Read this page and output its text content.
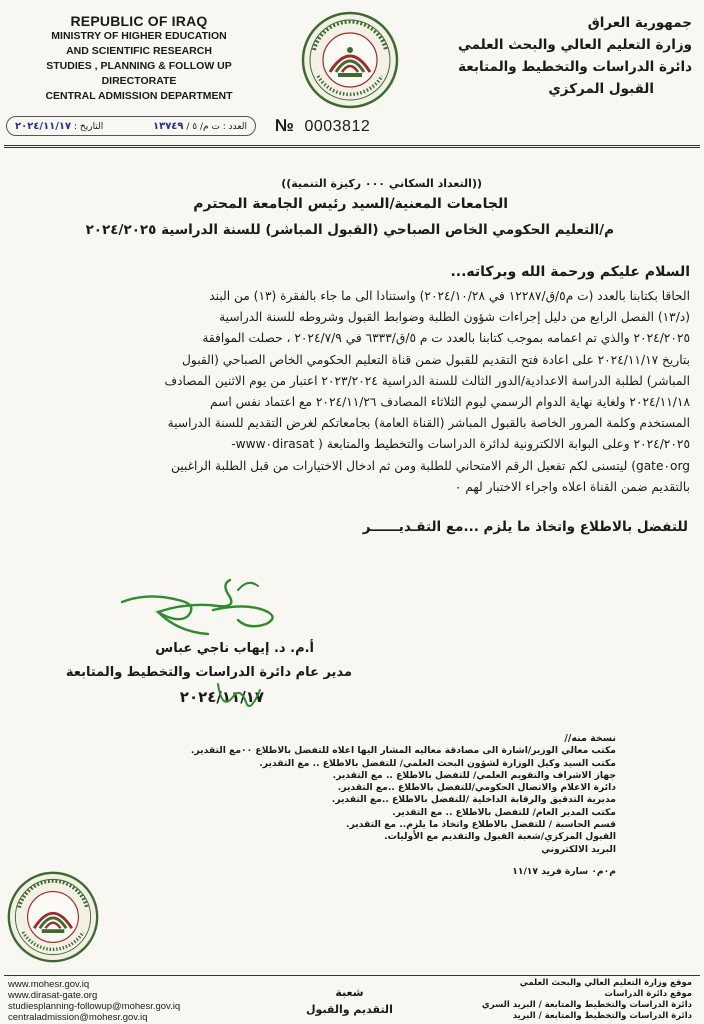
REPUBLIC OF IRAQ
MINISTRY OF HIGHER EDUCATION
AND SCIENTIFIC RESEARCH
STUDIES , PLANNING & FOLLOW UP DIRECTORATE
CENTRAL ADMISSION DEPARTMENT
جمهورية العراق
وزارة التعليم العالي والبحث العلمي
دائرة الدراسات والتخطيط والمتابعة
القبول المركزي
العدد : ت م/ ٥ / ١٣٧٤٩
التاريخ : ٢٠٢٤/١١/١٧	№ 0003812
((التعداد السكاني ٠٠٠ ركيزة التنمية))
الجامعات المعنية/السيد رئيس الجامعة المحترم
م/التعليم الحكومي الخاص الصباحي (القبول المباشر) للسنة الدراسية ٢٠٢٤/٢٠٢٥
السلام عليكم ورحمة الله وبركاته...
الحاقا بكتابنا بالعدد (ت م٥/ق/١٢٢٨٧ في ٢٠٢٤/١٠/٢٨) واستنادا الى ما جاء بالفقرة (١٣) من البند
(د/١٣) الفصل الرابع من دليل إجراءات شؤون الطلبة وضوابط القبول وشروطه للسنة الدراسية
٢٠٢٤/٢٠٢٥ والذي تم اعمامه بموجب كتابنا بالعدد ت م ٥/ق/٦٣٣٣ في ٢٠٢٤/٧/٩ ، حصلت الموافقة
بتاريخ ٢٠٢٤/١١/١٧ على اعادة فتح التقديم للقبول ضمن قناة التعليم الحكومي الخاص الصباحي (القبول
المباشر) لطلبة الدراسة الاعدادية/الدور الثالث للسنة الدراسية ٢٠٢٣/٢٠٢٤ اعتبار من يوم الاثنين المصادف
٢٠٢٤/١١/١٨ ولغاية نهاية الدوام الرسمي ليوم الثلاثاء المصادف ٢٠٢٤/١١/٢٦ مع اعتماد نفس اسم
المستخدم وكلمة المرور الخاصة بالقبول المباشر (القناة العامة) بجامعاتكم لغرض التقديم للسنة الدراسية
٢٠٢٤/٢٠٢٥ وعلى البوابة الالكترونية لدائرة الدراسات والتخطيط والمتابعة ( www٠dirasat-
gate٠org) ليتسنى لكم تفعيل الرقم الامتحاني للطلبة ومن ثم ادخال الاختيارات من قبل الطلبة الراغبين
بالتقديم ضمن القناة اعلاه واجراء الاختبار لهم ٠
للتفضل بالاطلاع واتخاذ ما يلزم ...مع التقـديــــــر
أ.م. د. إيهاب ناجي عباس
مدير عام دائرة الدراسات والتخطيط والمتابعة
٢٠٢٤/١١/١٧
نسخة منه//
مكتب معالي الوزير/اشارة الى مصادقة معاليه المشار اليها اعلاه للتفضل بالاطلاع ٠٠مع التقدير.
مكتب السيد وكيل الوزارة لشؤون البحث العلمي/ للتفضل بالاطلاع .. مع التقدير.
جهاز الاشراف والتقويم العلمي/ للتفضل بالاطلاع .. مع التقدير.
دائرة الاعلام والاتصال الحكومي/للتفضل بالاطلاع ..مع التقدير.
مديرية التدقيق والرقابة الداخلية /للتفضل بالاطلاع ..مع التقدير.
مكتب المدير العام/ للتفضل بالاطلاع .. مع التقدير.
قسم الحاسبة / للتفضل بالاطلاع واتخاذ ما يلزم.. مع التقدير.
القبول المركزي/شعبة القبول والتقديم مع الأوليات.
البريد الالكتروني
م٠م٠ سارة فريد ١١/١٧
www.mohesr.gov.iq
www.dirasat-gate.org
studiesplanning-followup@mohesr.gov.iq
centraladmission@mohesr.gov.iq
شعبة
التقديم والقبول
موقع وزارة التعليم العالي والبحث العلمي
موقع دائرة الدراسات
دائرة الدراسات والتخطيط والمتابعة / البريد السري
دائرة الدراسات والتخطيط والمتابعة / البريد
